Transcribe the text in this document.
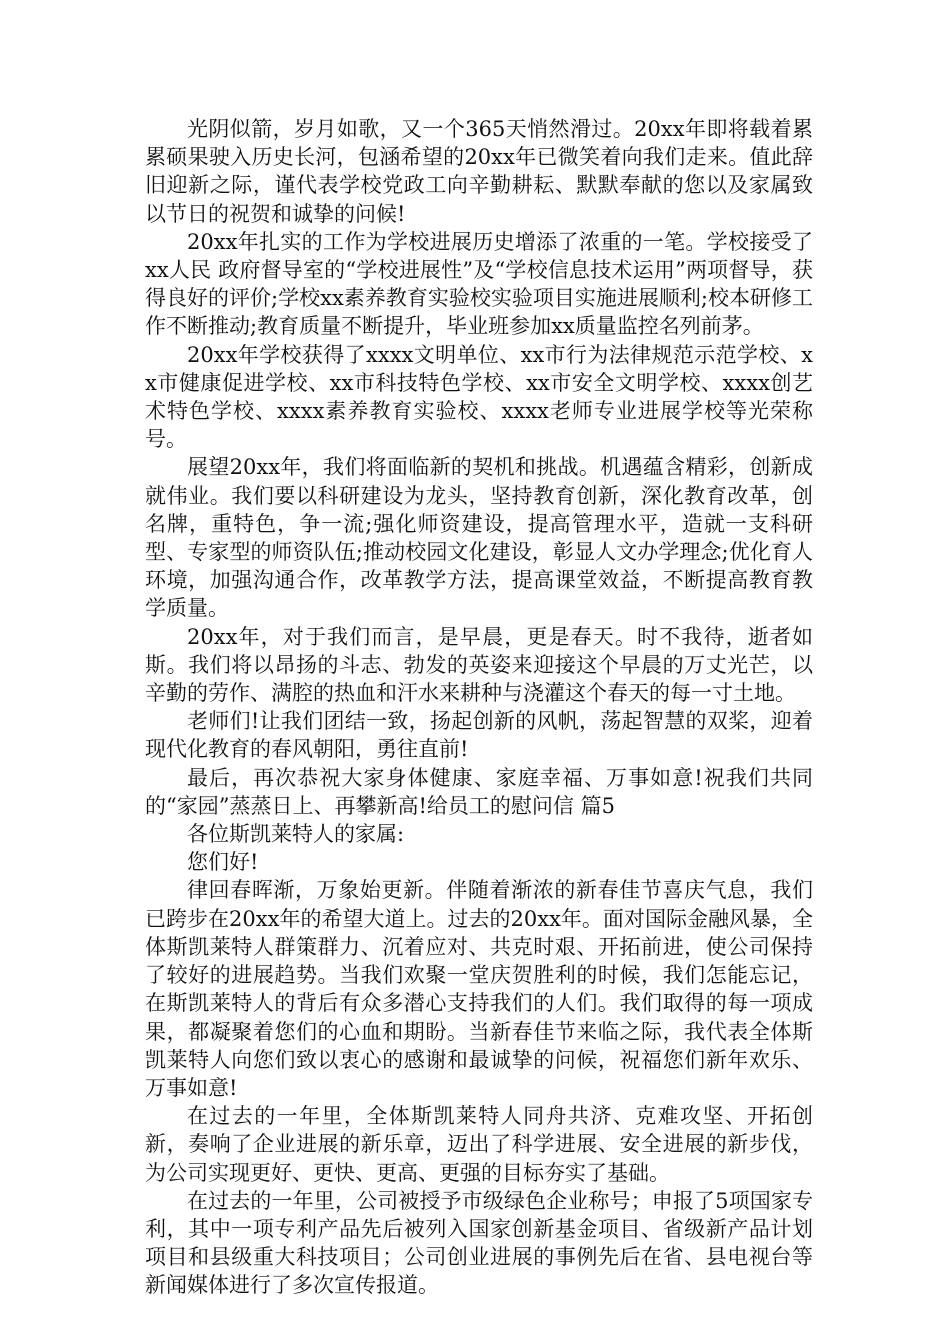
光阴似箭，岁月如歌，又一个365天悄然滑过。20xx年即将载着累累硕果驶入历史长河，包涵希望的20xx年已微笑着向我们走来。值此辞旧迎新之际，谨代表学校党政工向辛勤耕耘、默默奉献的您以及家属致以节日的祝贺和诚挚的问候!

20xx年扎实的工作为学校进展历史增添了浓重的一笔。学校接受了xx人民 政府督导室的“学校进展性”及“学校信息技术运用”两项督导，获得良好的评价;学校xx素养教育实验校实验项目实施进展顺利;校本研修工作不断推动;教育质量不断提升，毕业班参加xx质量监控名列前茅。

20xx年学校获得了xxxx文明单位、xx市行为法律规范示范学校、xx市健康促进学校、xx市科技特色学校、xx市安全文明学校、xxxx创艺术特色学校、xxxx素养教育实验校、xxxx老师专业进展学校等光荣称号。

展望20xx年，我们将面临新的契机和挑战。机遇蕴含精彩，创新成就伟业。我们要以科研建设为龙头，坚持教育创新，深化教育改革，创名牌，重特色，争一流;强化师资建设，提高管理水平，造就一支科研型、专家型的师资队伍;推动校园文化建设，彰显人文办学理念;优化育人环境，加强沟通合作，改革教学方法，提高课堂效益，不断提高教育教学质量。

20xx年，对于我们而言，是早晨，更是春天。时不我待，逝者如斯。我们将以昂扬的斗志、勃发的英姿来迎接这个早晨的万丈光芒，以辛勤的劳作、满腔的热血和汗水来耕种与浇灌这个春天的每一寸土地。

老师们!让我们团结一致，扬起创新的风帆，荡起智慧的双桨，迎着现代化教育的春风朝阳，勇往直前!

最后，再次恭祝大家身体健康、家庭幸福、万事如意!祝我们共同的“家园”蒸蒸日上、再攀新高!给员工的慰问信 篇5

各位斯凯莱特人的家属:

您们好!

律回春晖渐，万象始更新。伴随着渐浓的新春佳节喜庆气息，我们已跨步在20xx年的希望大道上。过去的20xx年。面对国际金融风暴，全体斯凯莱特人群策群力、沉着应对、共克时艰、开拓前进，使公司保持了较好的进展趋势。当我们欢聚一堂庆贺胜利的时候，我们怎能忘记，在斯凯莱特人的背后有众多潜心支持我们的人们。我们取得的每一项成果，都凝聚着您们的心血和期盼。当新春佳节来临之际，我代表全体斯凯莱特人向您们致以衷心的感谢和最诚挚的问候，祝福您们新年欢乐、万事如意!

在过去的一年里，全体斯凯莱特人同舟共济、克难攻坚、开拓创新，奏响了企业进展的新乐章，迈出了科学进展、安全进展的新步伐，为公司实现更好、更快、更高、更强的目标夯实了基础。

在过去的一年里，公司被授予市级绿色企业称号；申报了5项国家专利，其中一项专利产品先后被列入国家创新基金项目、省级新产品计划项目和县级重大科技项目；公司创业进展的事例先后在省、县电视台等新闻媒体进行了多次宣传报道。
